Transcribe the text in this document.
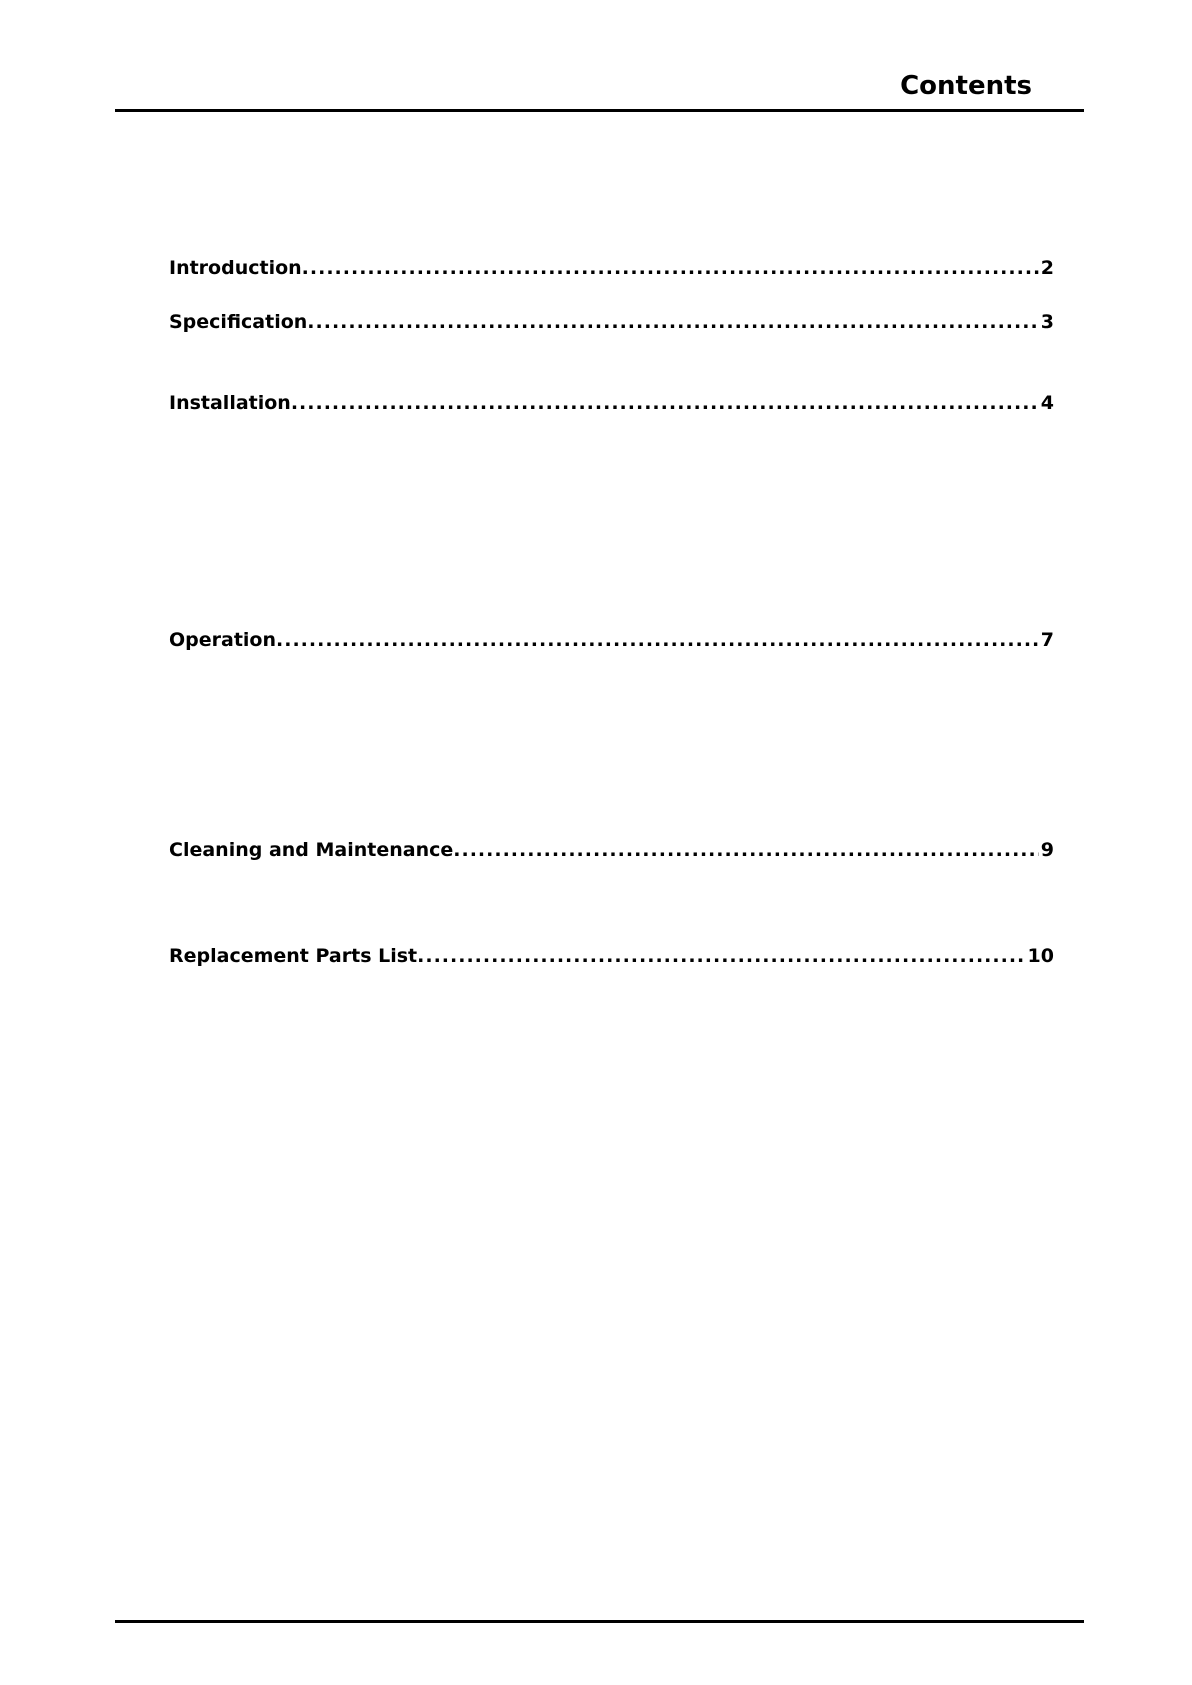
Contents
Introduction .....	2
Specification .....	3
Installation .....	4
Operation .....	7
Cleaning and Maintenance .....	9
Replacement Parts List .....	10
